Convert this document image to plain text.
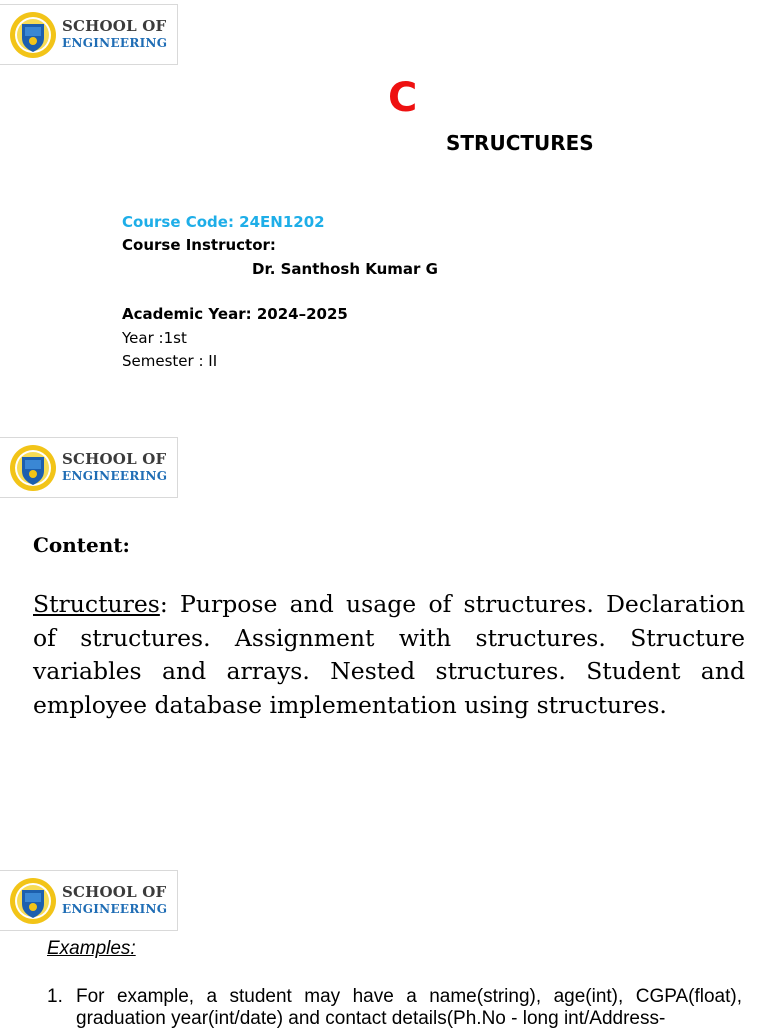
SCHOOL OF
ENGINEERING
C
STRUCTURES
Course Code: 24EN1202
Course Instructor:
Dr. Santhosh Kumar G
Academic Year: 2024–2025
Year :1st
Semester : II
SCHOOL OF
ENGINEERING
Content:
Structures: Purpose and usage of structures. Declaration of structures. Assignment with structures. Structure variables and arrays. Nested structures. Student and employee database implementation using structures.
SCHOOL OF
ENGINEERING
Examples:
1. For example, a student may have a name(string), age(int), CGPA(float), graduation year(int/date) and contact details(Ph.No - long int/Address-
